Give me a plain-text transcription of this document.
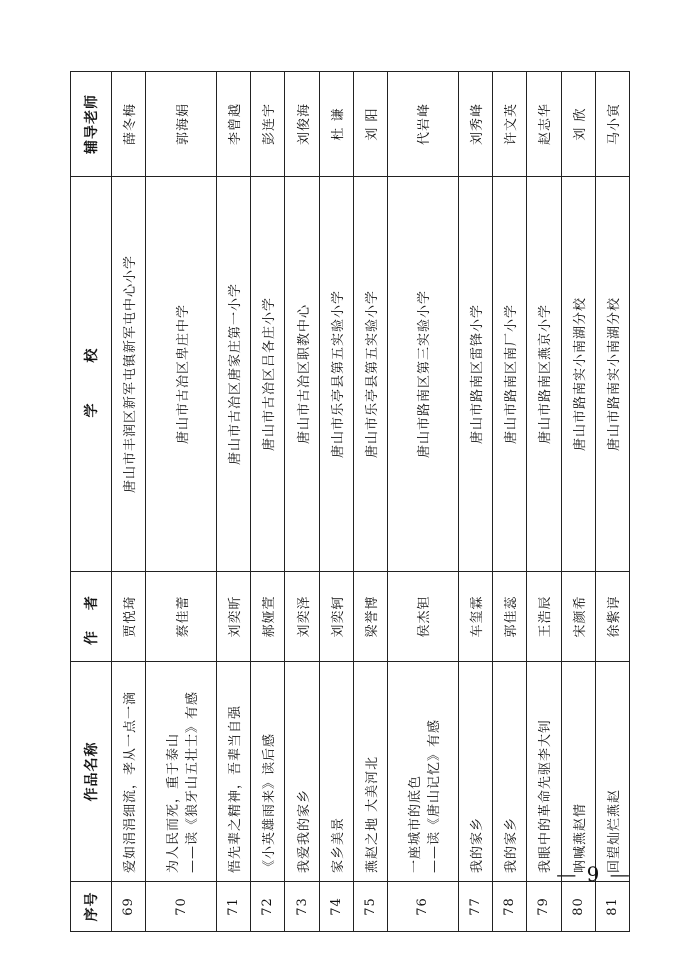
序号	作品名称	作 者	学 校	辅导老师
69	爱如涓涓细流，孝从一点一滴	贾悦琦	唐山市丰润区新军屯镇新军屯中心小学	薛冬梅
70	为人民而死，重于泰山 ——读《狼牙山五壮士》有感	蔡佳蕾	唐山市古冶区卑庄中学	郭海娟
71	悟先辈之精神，吾辈当自强	刘奕昕	唐山市古冶区唐家庄第一小学	李曾越
72	《小英雄雨来》读后感	郝娅萱	唐山市古冶区吕各庄小学	彭连宇
73	我爱我的家乡	刘奕泽	唐山市古冶区职教中心	刘俊海
74	家乡美景	刘奕轲	唐山市乐亭县第五实验小学	杜 谦
75	燕赵之地 大美河北	梁誉博	唐山市乐亭县第五实验小学	刘 阳
76	一座城市的底色 ——读《唐山记忆》有感	侯杰钽	唐山市路南区第三实验小学	代岩峰
77	我的家乡	车玺霖	唐山市路南区雷锋小学	刘秀峰
78	我的家乡	郭佳蕊	唐山市路南区南厂小学	许文英
79	我眼中的革命先驱李大钊	王浩辰	唐山市路南区燕京小学	赵志华
80	呐喊燕赵情	宋颜希	唐山市路南实小南湖分校	刘 欣
81	回望灿烂燕赵	徐紫谆	唐山市路南实小南湖分校	马小寅
— 9 —
